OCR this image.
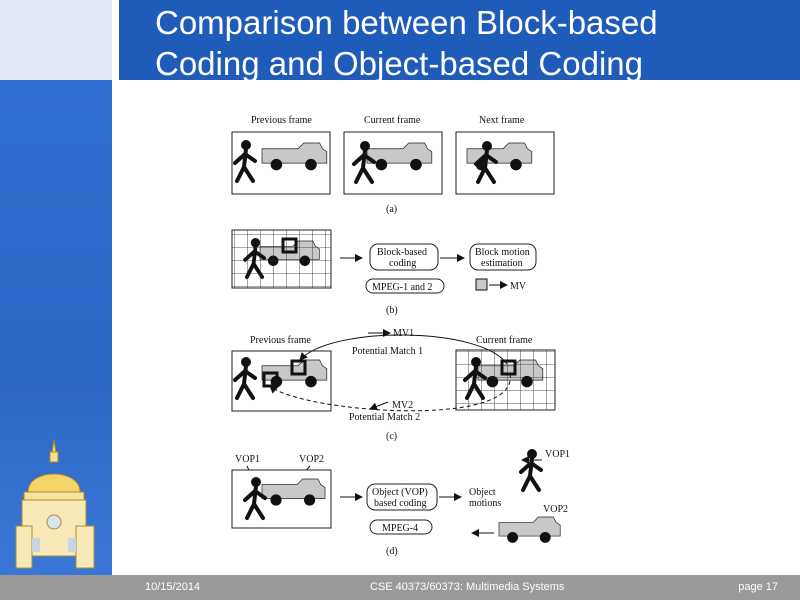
Comparison between Block-based
Coding and Object-based Coding
Previous frame	Current frame	Next frame
(a)
Block-based
coding
Block motion
estimation
MPEG-1 and 2	MV
(b)
Previous frame	Current frame
MV1
Potential Match 1
MV2
Potential Match 2
(c)
VOP1	VOP2
Object (VOP)
based coding
Object
motions
MPEG-4
VOP1
VOP2
(d)
10/15/2014	CSE 40373/60373: Multimedia Systems	page 17
